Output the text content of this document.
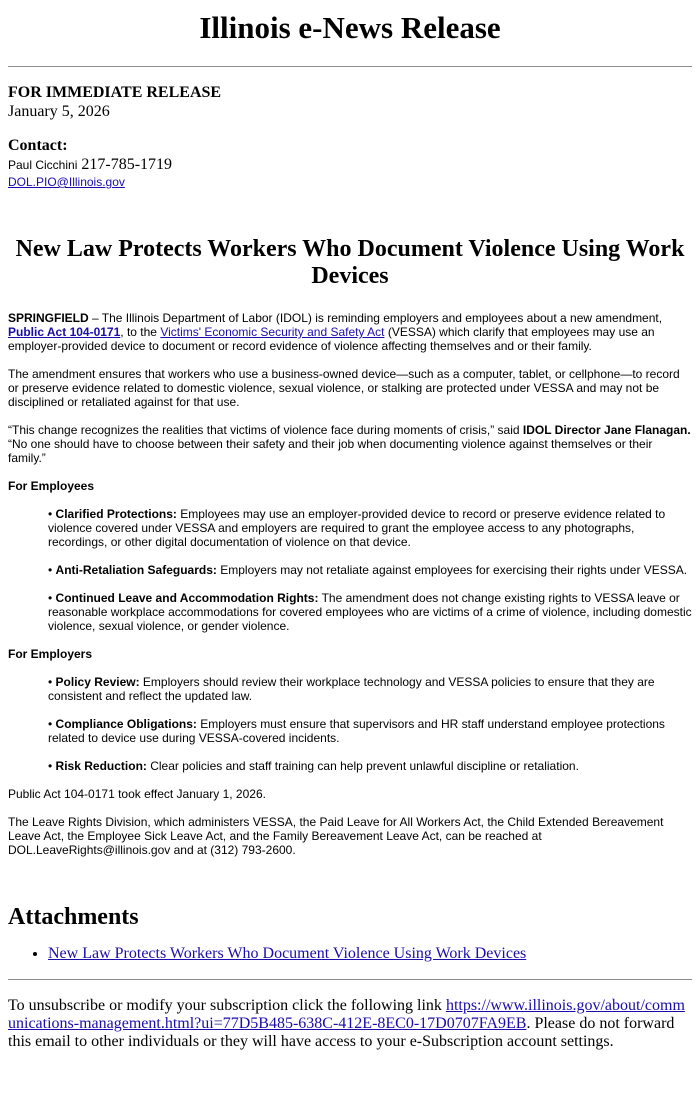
Illinois e-News Release
FOR IMMEDIATE RELEASE
January 5, 2026
Contact:
Paul Cicchini 217-785-1719
DOL.PIO@Illinois.gov
New Law Protects Workers Who Document Violence Using Work Devices

SPRINGFIELD – The Illinois Department of Labor (IDOL) is reminding employers and employees about a new amendment, Public Act 104-0171, to the Victims' Economic Security and Safety Act (VESSA) which clarify that employees may use an employer-provided device to document or record evidence of violence affecting themselves and or their family.

The amendment ensures that workers who use a business-owned device—such as a computer, tablet, or cellphone—to record or preserve evidence related to domestic violence, sexual violence, or stalking are protected under VESSA and may not be disciplined or retaliated against for that use.

“This change recognizes the realities that victims of violence face during moments of crisis,” said IDOL Director Jane Flanagan. “No one should have to choose between their safety and their job when documenting violence against themselves or their family.”

For Employees
• Clarified Protections: Employees may use an employer-provided device to record or preserve evidence related to violence covered under VESSA and employers are required to grant the employee access to any photographs, recordings, or other digital documentation of violence on that device.
• Anti-Retaliation Safeguards: Employers may not retaliate against employees for exercising their rights under VESSA.
• Continued Leave and Accommodation Rights: The amendment does not change existing rights to VESSA leave or reasonable workplace accommodations for covered employees who are victims of a crime of violence, including domestic violence, sexual violence, or gender violence.
For Employers
• Policy Review: Employers should review their workplace technology and VESSA policies to ensure that they are consistent and reflect the updated law.
• Compliance Obligations: Employers must ensure that supervisors and HR staff understand employee protections related to device use during VESSA-covered incidents.
• Risk Reduction: Clear policies and staff training can help prevent unlawful discipline or retaliation.

Public Act 104-0171 took effect January 1, 2026.

The Leave Rights Division, which administers VESSA, the Paid Leave for All Workers Act, the Child Extended Bereavement Leave Act, the Employee Sick Leave Act, and the Family Bereavement Leave Act, can be reached at DOL.LeaveRights@illinois.gov and at (312) 793-2600.

Attachments
• New Law Protects Workers Who Document Violence Using Work Devices
To unsubscribe or modify your subscription click the following link https://www.illinois.gov/about/communications-management.html?ui=77D5B485-638C-412E-8EC0-17D0707FA9EB. Please do not forward this email to other individuals or they will have access to your e-Subscription account settings.
